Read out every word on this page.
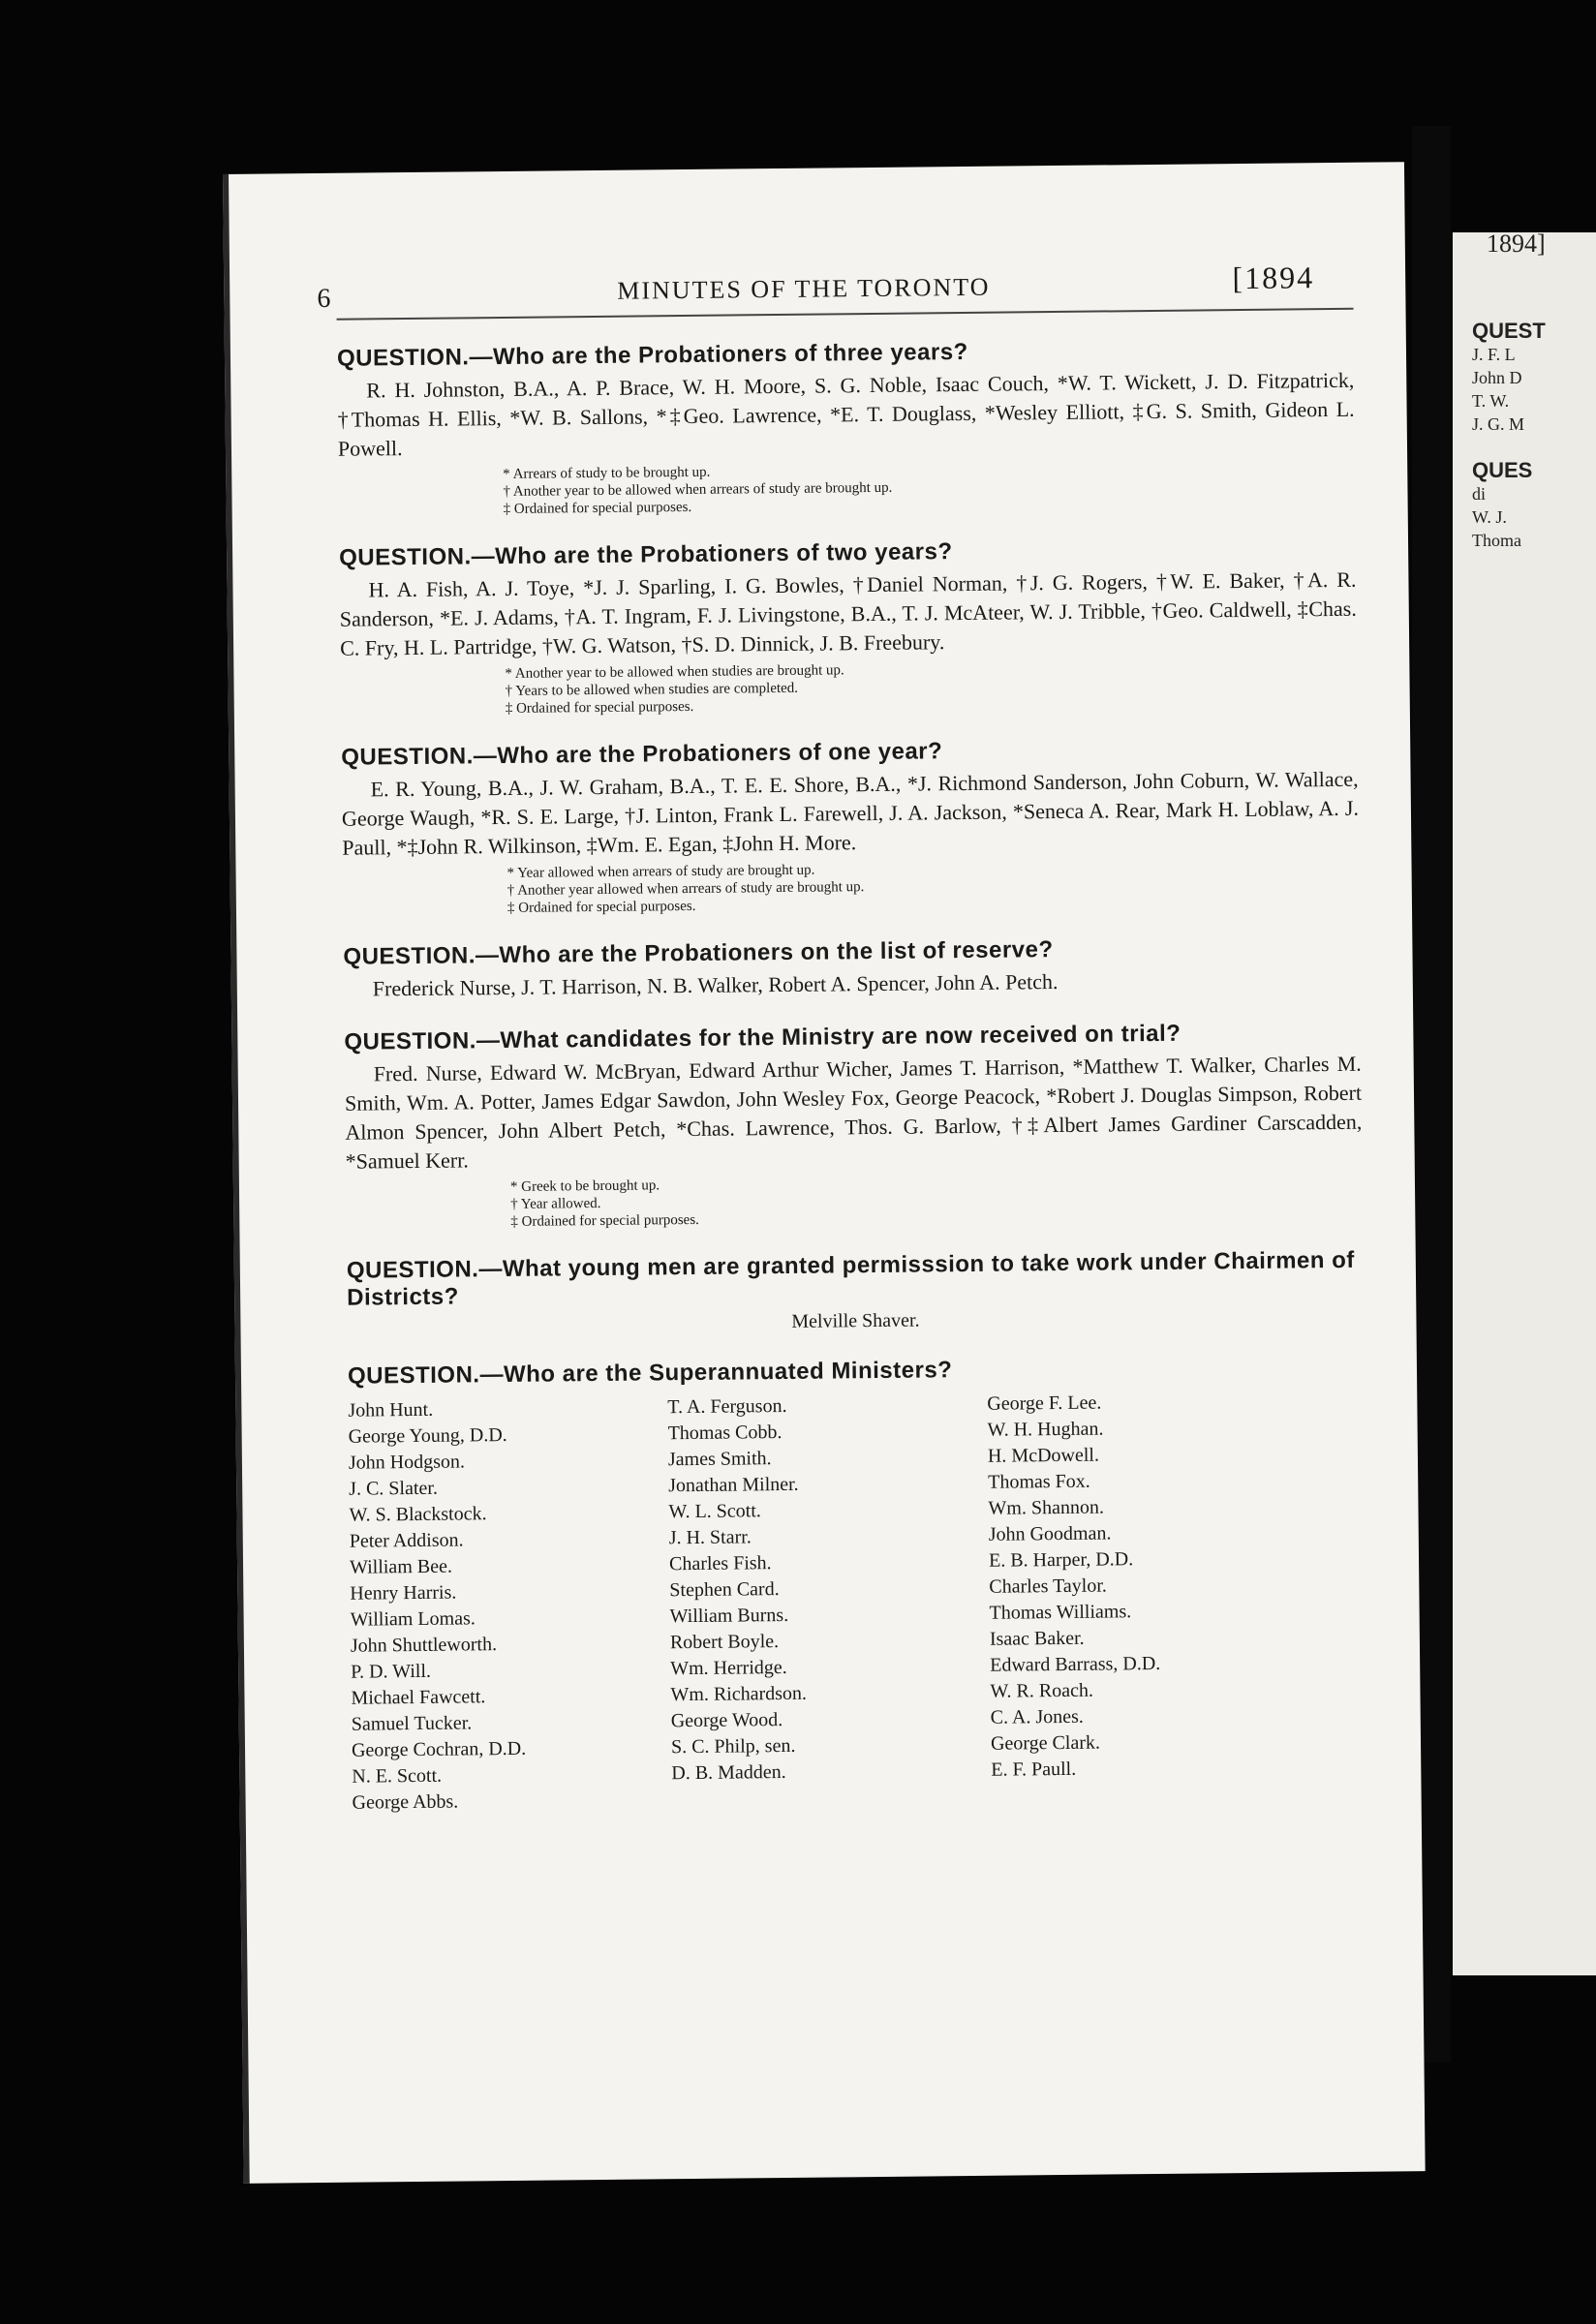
6	MINUTES OF THE TORONTO	[1894
QUESTION.—Who are the Probationers of three years?
R. H. Johnston, B.A., A. P. Brace, W. H. Moore, S. G. Noble, Isaac Couch, *W. T. Wickett, J. D. Fitzpatrick, †Thomas H. Ellis, *W. B. Sallons, *‡Geo. Lawrence, *E. T. Douglass, *Wesley Elliott, ‡G. S. Smith, Gideon L. Powell.
* Arrears of study to be brought up.
† Another year to be allowed when arrears of study are brought up.
‡ Ordained for special purposes.
QUESTION.—Who are the Probationers of two years?
H. A. Fish, A. J. Toye, *J. J. Sparling, I. G. Bowles, †Daniel Norman, †J. G. Rogers, †W. E. Baker, †A. R. Sanderson, *E. J. Adams, †A. T. Ingram, F. J. Livingstone, B.A., T. J. McAteer, W. J. Tribble, †Geo. Caldwell, ‡Chas. C. Fry, H. L. Partridge, †W. G. Watson, †S. D. Dinnick, J. B. Freebury.
* Another year to be allowed when studies are brought up.
† Years to be allowed when studies are completed.
‡ Ordained for special purposes.
QUESTION.—Who are the Probationers of one year?
E. R. Young, B.A., J. W. Graham, B.A., T. E. E. Shore, B.A., *J. Richmond Sanderson, John Coburn, W. Wallace, George Waugh, *R. S. E. Large, †J. Linton, Frank L. Farewell, J. A. Jackson, *Seneca A. Rear, Mark H. Loblaw, A. J. Paull, *‡John R. Wilkinson, ‡Wm. E. Egan, ‡John H. More.
* Year allowed when arrears of study are brought up.
† Another year allowed when arrears of study are brought up.
‡ Ordained for special purposes.
QUESTION.—Who are the Probationers on the list of reserve?
Frederick Nurse, J. T. Harrison, N. B. Walker, Robert A. Spencer, John A. Petch.
QUESTION.—What candidates for the Ministry are now received on trial?
Fred. Nurse, Edward W. McBryan, Edward Arthur Wicher, James T. Harrison, *Matthew T. Walker, Charles M. Smith, Wm. A. Potter, James Edgar Sawdon, John Wesley Fox, George Peacock, *Robert J. Douglas Simpson, Robert Almon Spencer, John Albert Petch, *Chas. Lawrence, Thos. G. Barlow, †‡Albert James Gardiner Carscadden, *Samuel Kerr.
* Greek to be brought up.
† Year allowed.
‡ Ordained for special purposes.
QUESTION.—What young men are granted permisssion to take work under Chairmen of Districts?
Melville Shaver.
QUESTION.—Who are the Superannuated Ministers?
John Hunt.
George Young, D.D.
John Hodgson.
J. C. Slater.
W. S. Blackstock.
Peter Addison.
William Bee.
Henry Harris.
William Lomas.
John Shuttleworth.
P. D. Will.
Michael Fawcett.
Samuel Tucker.
George Cochran, D.D.
N. E. Scott.
George Abbs.
T. A. Ferguson.
Thomas Cobb.
James Smith.
Jonathan Milner.
W. L. Scott.
J. H. Starr.
Charles Fish.
Stephen Card.
William Burns.
Robert Boyle.
Wm. Herridge.
Wm. Richardson.
George Wood.
S. C. Philp, sen.
D. B. Madden.
George F. Lee.
W. H. Hughan.
H. McDowell.
Thomas Fox.
Wm. Shannon.
John Goodman.
E. B. Harper, D.D.
Charles Taylor.
Thomas Williams.
Isaac Baker.
Edward Barrass, D.D.
W. R. Roach.
C. A. Jones.
George Clark.
E. F. Paull.
1894]
QUEST
J. F. L
John D
T. W.
J. G. M
QUES
di
W. J.
Thoma
